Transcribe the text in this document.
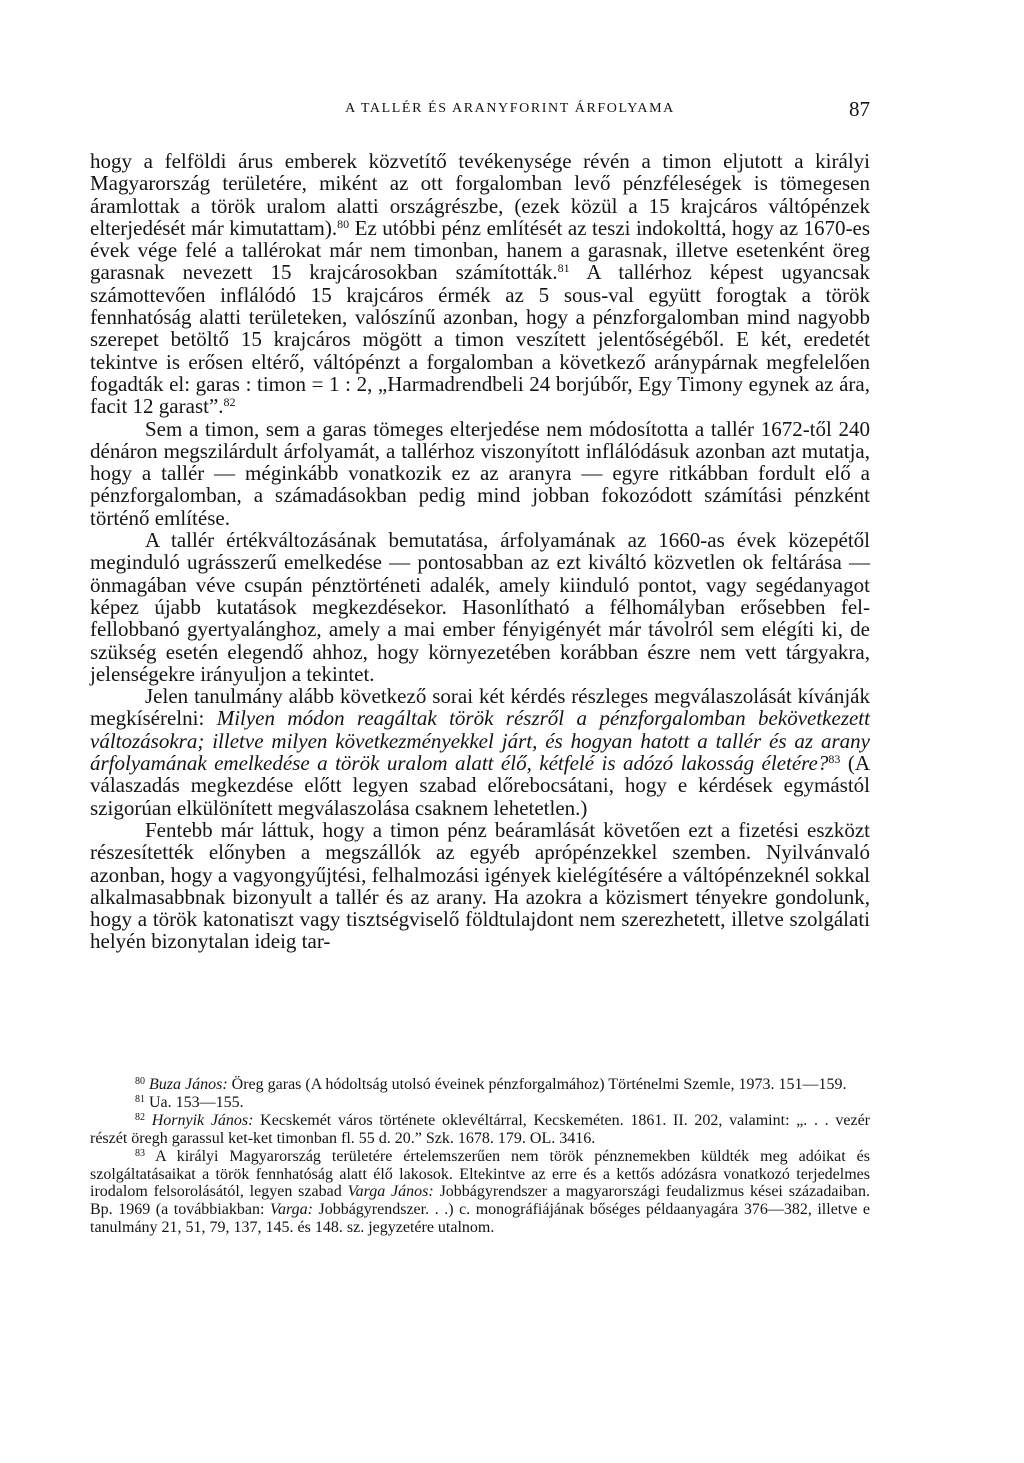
A TALLÉR ÉS ARANYFORINT ÁRFOLYAMA	87

hogy a felföldi árus emberek közvetítő tevékenysége révén a timon eljutott a királyi Magyarország területére, miként az ott forgalomban levő pénzféleségek is tömegesen áramlottak a török uralom alatti országrészbe, (ezek közül a 15 krajcáros váltópénzek elterjedését már kimutattam).$^{80}$ Ez utóbbi pénz említését az teszi indokolttá, hogy az 1670-es évek vége felé a tallérokat már nem timonban, hanem a garasnak, illetve esetenként öreg garasnak nevezett 15 krajcárosokban számították.$^{81}$ A tallérhoz képest ugyancsak számottevően inflálódó 15 krajcáros érmék az 5 sous-val együtt forogtak a török fennhatóság alatti területeken, valószínű azonban, hogy a pénzforgalomban mind nagyobb szerepet betöltő 15 krajcáros mögött a timon veszített jelentőségéből. E két, eredetét tekintve is erősen eltérő, váltópénzt a forgalomban a következő aránypárnak megfelelően fogadták el: garas : timon = 1 : 2, „Harmadrendbeli 24 borjúbőr, Egy Timony egynek az ára, facit 12 garast”.$^{82}$

Sem a timon, sem a garas tömeges elterjedése nem módosította a tallér 1672-től 240 dénáron megszilárdult árfolyamát, a tallérhoz viszonyított inflálódásuk azonban azt mutatja, hogy a tallér — méginkább vonatkozik ez az aranyra — egyre ritkábban fordult elő a pénzforgalomban, a számadásokban pedig mind jobban fokozódott számítási pénzként történő említése.

A tallér értékváltozásának bemutatása, árfolyamának az 1660-as évek közepétől meginduló ugrásszerű emelkedése — pontosabban az ezt kiváltó közvetlen ok feltárása — önmagában véve csupán pénztörténeti adalék, amely kiinduló pontot, vagy segédanyagot képez újabb kutatások megkezdésekor. Hasonlítható a félhomályban erősebben fel-fellobbanó gyertyalánghoz, amely a mai ember fényigényét már távolról sem elégíti ki, de szükség esetén elegendő ahhoz, hogy környezetében korábban észre nem vett tárgyakra, jelenségekre irányuljon a tekintet.

Jelen tanulmány alább következő sorai két kérdés részleges megválaszolását kívánják megkísérelni: Milyen módon reagáltak török részről a pénzforgalomban bekövetkezett változásokra; illetve milyen következményekkel járt, és hogyan hatott a tallér és az arany árfolyamának emelkedése a török uralom alatt élő, kétfelé is adózó lakosság életére?$^{83}$ (A válaszadás megkezdése előtt legyen szabad előrebocsátani, hogy e kérdések egymástól szigorúan elkülönített megválaszolása csaknem lehetetlen.)

Fentebb már láttuk, hogy a timon pénz beáramlását követően ezt a fizetési eszközt részesítették előnyben a megszállók az egyéb aprópénzekkel szemben. Nyilvánvaló azonban, hogy a vagyongyűjtési, felhalmozási igények kielégítésére a váltópénzeknél sokkal alkalmasabbnak bizonyult a tallér és az arany. Ha azokra a közismert tényekre gondolunk, hogy a török katonatiszt vagy tisztségviselő földtulajdont nem szerezhetett, illetve szolgálati helyén bizonytalan ideig tar-

$^{80}$ Buza János: Öreg garas (A hódoltság utolsó éveinek pénzforgalmához) Történelmi Szemle, 1973. 151—159.

$^{81}$ Ua. 153—155.

$^{82}$ Hornyik János: Kecskemét város története oklevéltárral, Kecskeméten. 1861. II. 202, valamint: „. . . vezér részét öregh garassul ket-ket timonban fl. 55 d. 20.” Szk. 1678. 179. OL. 3416.

$^{83}$ A királyi Magyarország területére értelemszerűen nem török pénznemekben küldték meg adóikat és szolgáltatásaikat a török fennhatóság alatt élő lakosok. Eltekintve az erre és a kettős adózásra vonatkozó terjedelmes irodalom felsorolásától, legyen szabad Varga János: Jobbágyrendszer a magyarországi feudalizmus kései századaiban. Bp. 1969 (a továbbiakban: Varga: Jobbágyrendszer. . .) c. monográfiájának bőséges példaanyagára 376—382, illetve e tanulmány 21, 51, 79, 137, 145. és 148. sz. jegyzetére utalnom.
